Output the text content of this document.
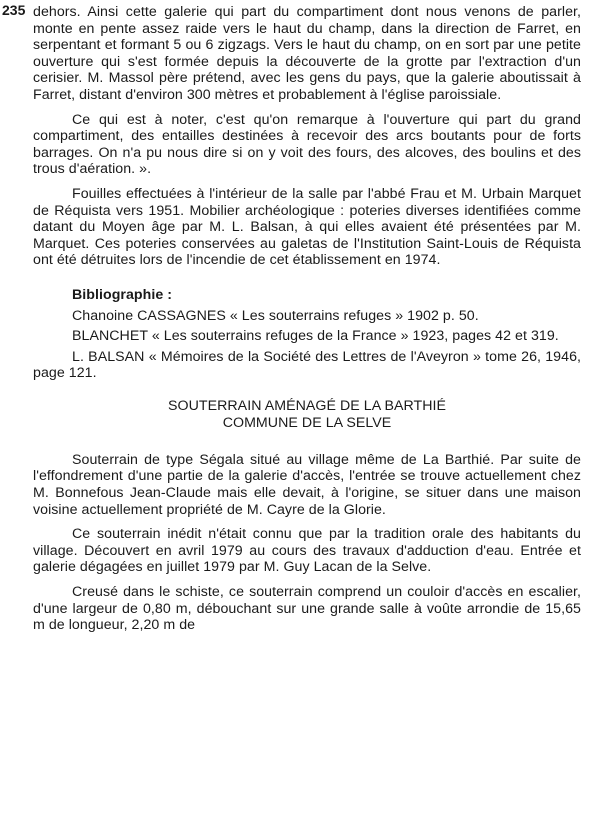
235 dehors. Ainsi cette galerie qui part du compartiment dont nous venons de parler, monte en pente assez raide vers le haut du champ, dans la direction de Farret, en serpentant et formant 5 ou 6 zigzags. Vers le haut du champ, on en sort par une petite ouverture qui s'est formée depuis la découverte de la grotte par l'extraction d'un cerisier. M. Massol père prétend, avec les gens du pays, que la galerie aboutissait à Farret, distant d'environ 300 mètres et probablement à l'église paroissiale.

Ce qui est à noter, c'est qu'on remarque à l'ouverture qui part du grand compartiment, des entailles destinées à recevoir des arcs boutants pour de forts barrages. On n'a pu nous dire si on y voit des fours, des alcoves, des boulins et des trous d'aération. ».

Fouilles effectuées à l'intérieur de la salle par l'abbé Frau et M. Urbain Marquet de Réquista vers 1951. Mobilier archéologique : poteries diverses identifiées comme datant du Moyen âge par M. L. Balsan, à qui elles avaient été présentées par M. Marquet. Ces poteries conservées au galetas de l'Institution Saint-Louis de Réquista ont été détruites lors de l'incendie de cet établissement en 1974.

Bibliographie :

Chanoine CASSAGNES « Les souterrains refuges » 1902 p. 50.

BLANCHET « Les souterrains refuges de la France » 1923, pages 42 et 319.

L. BALSAN « Mémoires de la Société des Lettres de l'Aveyron » tome 26, 1946, page 121.

SOUTERRAIN AMÉNAGÉ DE LA BARTHIÉ

COMMUNE DE LA SELVE

Souterrain de type Ségala situé au village même de La Barthié. Par suite de l'effondrement d'une partie de la galerie d'accès, l'entrée se trouve actuellement chez M. Bonnefous Jean-Claude mais elle devait, à l'origine, se situer dans une maison voisine actuellement propriété de M. Cayre de la Glorie.

Ce souterrain inédit n'était connu que par la tradition orale des habitants du village. Découvert en avril 1979 au cours des travaux d'adduction d'eau. Entrée et galerie dégagées en juillet 1979 par M. Guy Lacan de la Selve.

Creusé dans le schiste, ce souterrain comprend un couloir d'accès en escalier, d'une largeur de 0,80 m, débouchant sur une grande salle à voûte arrondie de 15,65 m de longueur, 2,20 m de
